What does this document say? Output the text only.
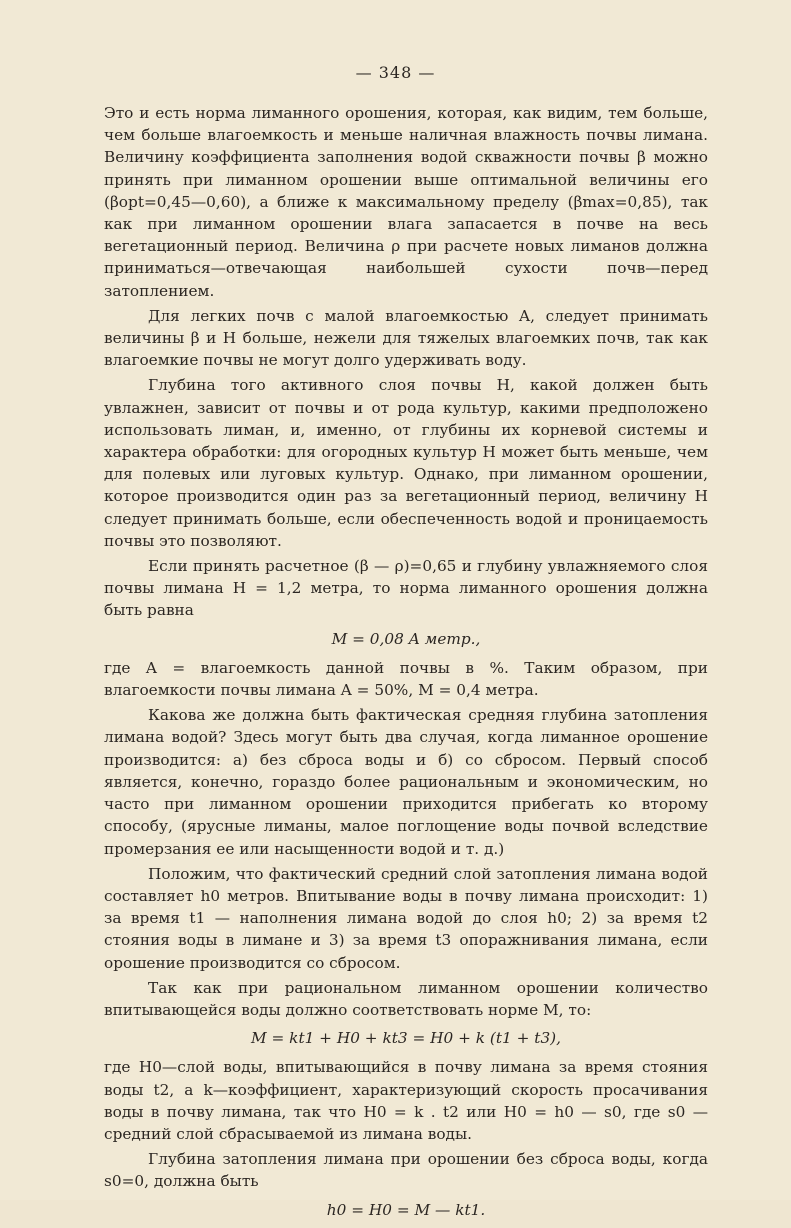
— 348 —

Это и есть норма лиманного орошения, которая, как видим, тем больше, чем больше влагоемкость и меньше наличная влажность почвы лимана. Величину коэффициента заполнения водой скважности почвы β можно принять при лиманном орошении выше оптимальной величины его (βopt=0,45—0,60), а ближе к максимальному пределу (βmax=0,85), так как при лиманном орошении влага запасается в почве на весь вегетационный период. Величина ρ при расчете новых лиманов должна приниматься—отвечающая наибольшей сухости почв—перед затоплением.

Для легких почв с малой влагоемкостью A, следует принимать величины β и H больше, нежели для тяжелых влагоемких почв, так как влагоемкие почвы не могут долго удерживать воду.

Глубина того активного слоя почвы H, какой должен быть увлажнен, зависит от почвы и от рода культур, какими предположено использовать лиман, и, именно, от глубины их корневой системы и характера обработки: для огородных культур H может быть меньше, чем для полевых или луговых культур. Однако, при лиманном орошении, которое производится один раз за вегетационный период, величину H следует принимать больше, если обеспеченность водой и проницаемость почвы это позволяют.

Если принять расчетное (β — ρ)=0,65 и глубину увлажняемого слоя почвы лимана H = 1,2 метра, то норма лиманного орошения должна быть равна

M = 0,08 A метр.,

где A = влагоемкость данной почвы в %. Таким образом, при влагоемкости почвы лимана A = 50%, M = 0,4 метра.

Какова же должна быть фактическая средняя глубина затопления лимана водой? Здесь могут быть два случая, когда лиманное орошение производится: а) без сброса воды и б) со сбросом. Первый способ является, конечно, гораздо более рациональным и экономическим, но часто при лиманном орошении приходится прибегать ко второму способу, (ярусные лиманы, малое поглощение воды почвой вследствие промерзания ее или насыщенности водой и т. д.)

Положим, что фактический средний слой затопления лимана водой составляет h0 метров. Впитывание воды в почву лимана происходит: 1) за время t1 — наполнения лимана водой до слоя h0; 2) за время t2 стояния воды в лимане и 3) за время t3 опоражнивания лимана, если орошение производится со сбросом.

Так как при рациональном лиманном орошении количество впитывающейся воды должно соответствовать норме M, то:

M = kt1 + H0 + kt3 = H0 + k (t1 + t3),

где H0—слой воды, впитывающийся в почву лимана за время стояния воды t2, а k—коэффициент, характеризующий скорость просачивания воды в почву лимана, так что H0 = k . t2 или H0 = h0 — s0, где s0 — средний слой сбрасываемой из лимана воды.

Глубина затопления лимана при орошении без сброса воды, когда s0=0, должна быть

h0 = H0 = M — kt1.
